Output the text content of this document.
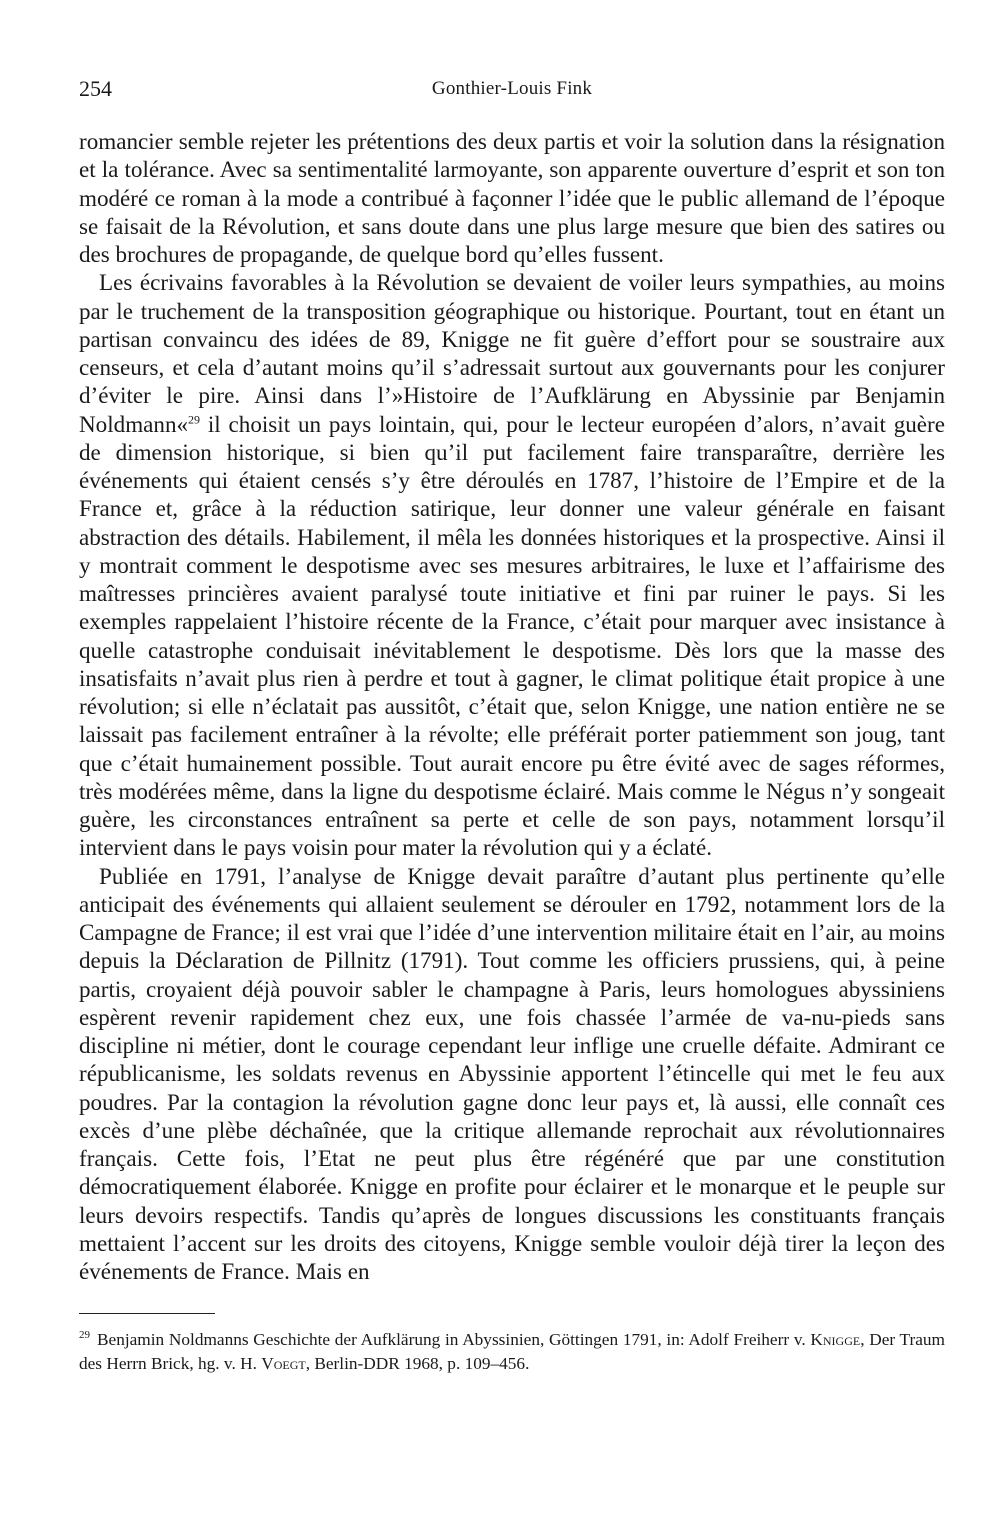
254	Gonthier-Louis Fink

romancier semble rejeter les prétentions des deux partis et voir la solution dans la résignation et la tolérance. Avec sa sentimentalité larmoyante, son apparente ouverture d’esprit et son ton modéré ce roman à la mode a contribué à façonner l’idée que le public allemand de l’époque se faisait de la Révolution, et sans doute dans une plus large mesure que bien des satires ou des brochures de propagande, de quelque bord qu’elles fussent.

Les écrivains favorables à la Révolution se devaient de voiler leurs sympathies, au moins par le truchement de la transposition géographique ou historique. Pourtant, tout en étant un partisan convaincu des idées de 89, Knigge ne fit guère d’effort pour se soustraire aux censeurs, et cela d’autant moins qu’il s’adressait surtout aux gouvernants pour les conjurer d’éviter le pire. Ainsi dans l’»Histoire de l’Aufklärung en Abyssinie par Benjamin Noldmann«$^{29}$ il choisit un pays lointain, qui, pour le lecteur européen d’alors, n’avait guère de dimension historique, si bien qu’il put facilement faire transparaître, derrière les événements qui étaient censés s’y être déroulés en 1787, l’histoire de l’Empire et de la France et, grâce à la réduction satirique, leur donner une valeur générale en faisant abstraction des détails. Habilement, il mêla les données historiques et la prospective. Ainsi il y montrait comment le despotisme avec ses mesures arbitraires, le luxe et l’affairisme des maîtresses princières avaient paralysé toute initiative et fini par ruiner le pays. Si les exemples rappelaient l’histoire récente de la France, c’était pour marquer avec insistance à quelle catastrophe conduisait inévitablement le despotisme. Dès lors que la masse des insatisfaits n’avait plus rien à perdre et tout à gagner, le climat politique était propice à une révolution; si elle n’éclatait pas aussitôt, c’était que, selon Knigge, une nation entière ne se laissait pas facilement entraîner à la révolte; elle préférait porter patiemment son joug, tant que c’était humainement possible. Tout aurait encore pu être évité avec de sages réformes, très modérées même, dans la ligne du despotisme éclairé. Mais comme le Négus n’y songeait guère, les circonstances entraînent sa perte et celle de son pays, notamment lorsqu’il intervient dans le pays voisin pour mater la révolution qui y a éclaté.

Publiée en 1791, l’analyse de Knigge devait paraître d’autant plus pertinente qu’elle anticipait des événements qui allaient seulement se dérouler en 1792, notamment lors de la Campagne de France; il est vrai que l’idée d’une intervention militaire était en l’air, au moins depuis la Déclaration de Pillnitz (1791). Tout comme les officiers prussiens, qui, à peine partis, croyaient déjà pouvoir sabler le champagne à Paris, leurs homologues abyssiniens espèrent revenir rapidement chez eux, une fois chassée l’armée de va-nu-pieds sans discipline ni métier, dont le courage cependant leur inflige une cruelle défaite. Admirant ce républicanisme, les soldats revenus en Abyssinie apportent l’étincelle qui met le feu aux poudres. Par la contagion la révolution gagne donc leur pays et, là aussi, elle connaît ces excès d’une plèbe déchaînée, que la critique allemande reprochait aux révolutionnaires français. Cette fois, l’Etat ne peut plus être régénéré que par une constitution démocratiquement élaborée. Knigge en profite pour éclairer et le monarque et le peuple sur leurs devoirs respectifs. Tandis qu’après de longues discussions les constituants français mettaient l’accent sur les droits des citoyens, Knigge semble vouloir déjà tirer la leçon des événements de France. Mais en

29 Benjamin Noldmanns Geschichte der Aufklärung in Abyssinien, Göttingen 1791, in: Adolf Freiherr v. Knigge, Der Traum des Herrn Brick, hg. v. H. Voegt, Berlin-DDR 1968, p. 109–456.
